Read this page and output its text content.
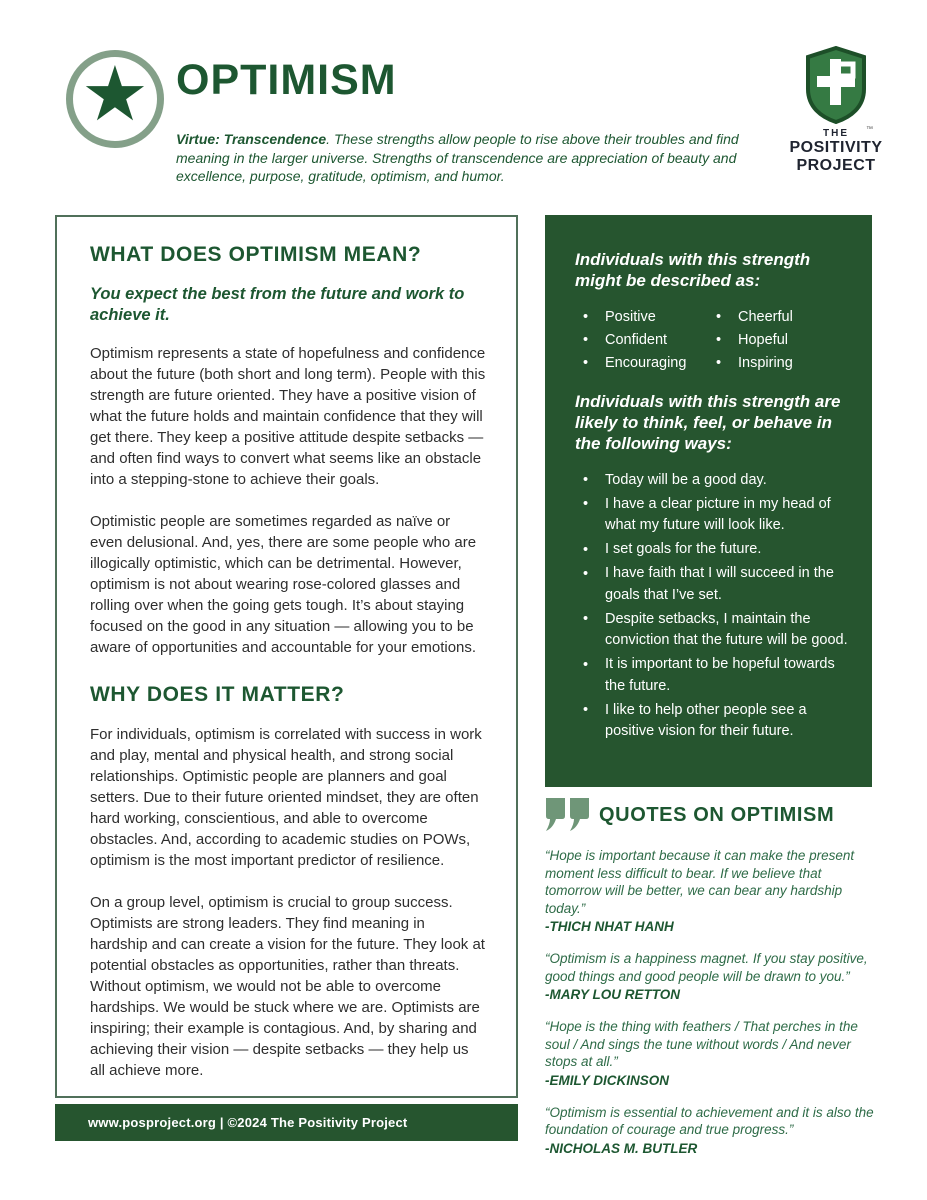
★ OPTIMISM
Virtue: Transcendence. These strengths allow people to rise above their troubles and find meaning in the larger universe. Strengths of transcendence are appreciation of beauty and excellence, purpose, gratitude, optimism, and humor.
™
THE
POSITIVITY
PROJECT
WHAT DOES OPTIMISM MEAN?
You expect the best from the future and work to achieve it.

Optimism represents a state of hopefulness and confidence about the future (both short and long term). People with this strength are future oriented. They have a positive vision of what the future holds and maintain confidence that they will get there. They keep a positive attitude despite setbacks — and often find ways to convert what seems like an obstacle into a stepping-stone to achieve their goals.

Optimistic people are sometimes regarded as naïve or even delusional. And, yes, there are some people who are illogically optimistic, which can be detrimental. However, optimism is not about wearing rose-colored glasses and rolling over when the going gets tough. It’s about staying focused on the good in any situation — allowing you to be aware of opportunities and accountable for your emotions.

WHY DOES IT MATTER?

For individuals, optimism is correlated with success in work and play, mental and physical health, and strong social relationships. Optimistic people are planners and goal setters. Due to their future oriented mindset, they are often hard working, conscientious, and able to overcome obstacles. And, according to academic studies on POWs, optimism is the most important predictor of resilience.

On a group level, optimism is crucial to group success. Optimists are strong leaders. They find meaning in hardship and can create a vision for the future. They look at potential obstacles as opportunities, rather than threats. Without optimism, we would not be able to overcome hardships. We would be stuck where we are. Optimists are inspiring; their example is contagious. And, by sharing and achieving their vision — despite setbacks — they help us all achieve more.

www.posproject.org | ©2024 The Positivity Project
Individuals with this strength might be described as:
•	Positive
•	Confident
•	Encouraging
•	Cheerful
•	Hopeful
•	Inspiring
Individuals with this strength are likely to think, feel, or behave in the following ways:
•	Today will be a good day.
•	I have a clear picture in my head of what my future will look like.
•	I set goals for the future.
•	I have faith that I will succeed in the goals that I’ve set.
•	Despite setbacks, I maintain the conviction that the future will be good.
•	It is important to be hopeful towards the future.
•	I like to help other people see a positive vision for their future.
QUOTES ON OPTIMISM
“Hope is important because it can make the present moment less difficult to bear. If we believe that tomorrow will be better, we can bear any hardship today.”
-THICH NHAT HANH
“Optimism is a happiness magnet. If you stay positive, good things and good people will be drawn to you.”
-MARY LOU RETTON
“Hope is the thing with feathers / That perches in the soul / And sings the tune without words / And never stops at all.”
-EMILY DICKINSON
“Optimism is essential to achievement and it is also the foundation of courage and true progress.”
-NICHOLAS M. BUTLER
